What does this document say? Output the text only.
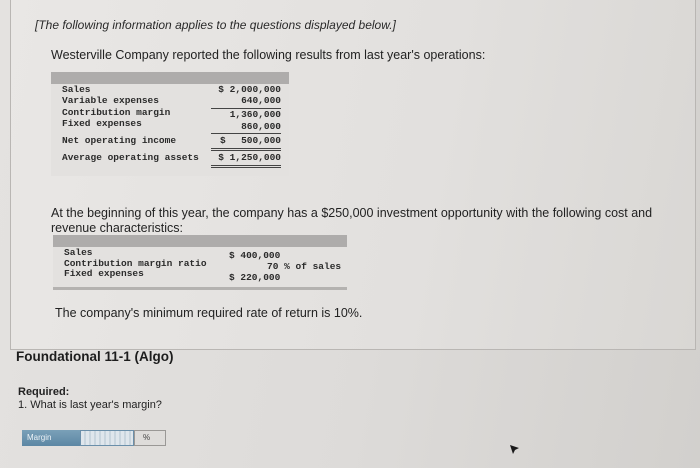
[The following information applies to the questions displayed below.]
Westerville Company reported the following results from last year's operations:
Sales	$ 2,000,000
Variable expenses	640,000
Contribution margin	1,360,000
Fixed expenses	860,000
Net operating income	$ 500,000
Average operating assets $ 1,250,000
At the beginning of this year, the company has a $250,000 investment opportunity with the following cost and revenue characteristics:
Sales	$ 400,000
Contribution margin ratio	70 % of sales
Fixed expenses	$ 220,000
The company's minimum required rate of return is 10%.
Foundational 11-1 (Algo)
Required:
1. What is last year's margin?
Margin	%
